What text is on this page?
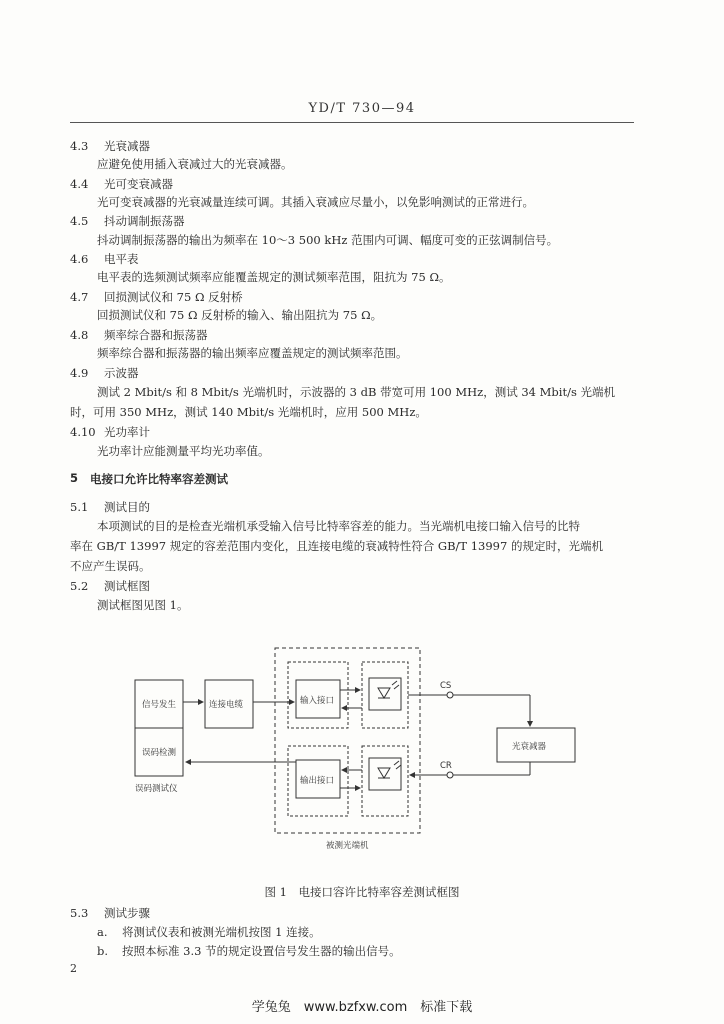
YD/T 730—94
4.3 光衰减器
应避免使用插入衰减过大的光衰减器。
4.4 光可变衰减器
光可变衰减器的光衰减量连续可调。其插入衰减应尽量小，以免影响测试的正常进行。
4.5 抖动调制振荡器
抖动调制振荡器的输出为频率在 10～3 500 kHz 范围内可调、幅度可变的正弦调制信号。
4.6 电平表
电平表的选频测试频率应能覆盖规定的测试频率范围，阻抗为 75 Ω。
4.7 回损测试仪和 75 Ω 反射桥
回损测试仪和 75 Ω 反射桥的输入、输出阻抗为 75 Ω。
4.8 频率综合器和振荡器
频率综合器和振荡器的输出频率应覆盖规定的测试频率范围。
4.9 示波器
测试 2 Mbit/s 和 8 Mbit/s 光端机时，示波器的 3 dB 带宽可用 100 MHz，测试 34 Mbit/s 光端机
时，可用 350 MHz，测试 140 Mbit/s 光端机时，应用 500 MHz。
4.10 光功率计
光功率计应能测量平均光功率值。
5 电接口允许比特率容差测试
5.1 测试目的
本项测试的目的是检查光端机承受输入信号比特率容差的能力。当光端机电接口输入信号的比特
率在 GB/T 13997 规定的容差范围内变化，且连接电缆的衰减特性符合 GB/T 13997 的规定时，光端机
不应产生误码。
5.2 测试框图
测试框图见图 1。
信号发生
误码检测
误码测试仪
连接电缆	输入接口
输出接口
光衰减器
CS
CR
被测光端机
图 1　电接口容许比特率容差测试框图
5.3 测试步骤
a. 将测试仪表和被测光端机按图 1 连接。
b. 按照本标准 3.3 节的规定设置信号发生器的输出信号。
2
学兔兔　www.bzfxw.com　标准下载
